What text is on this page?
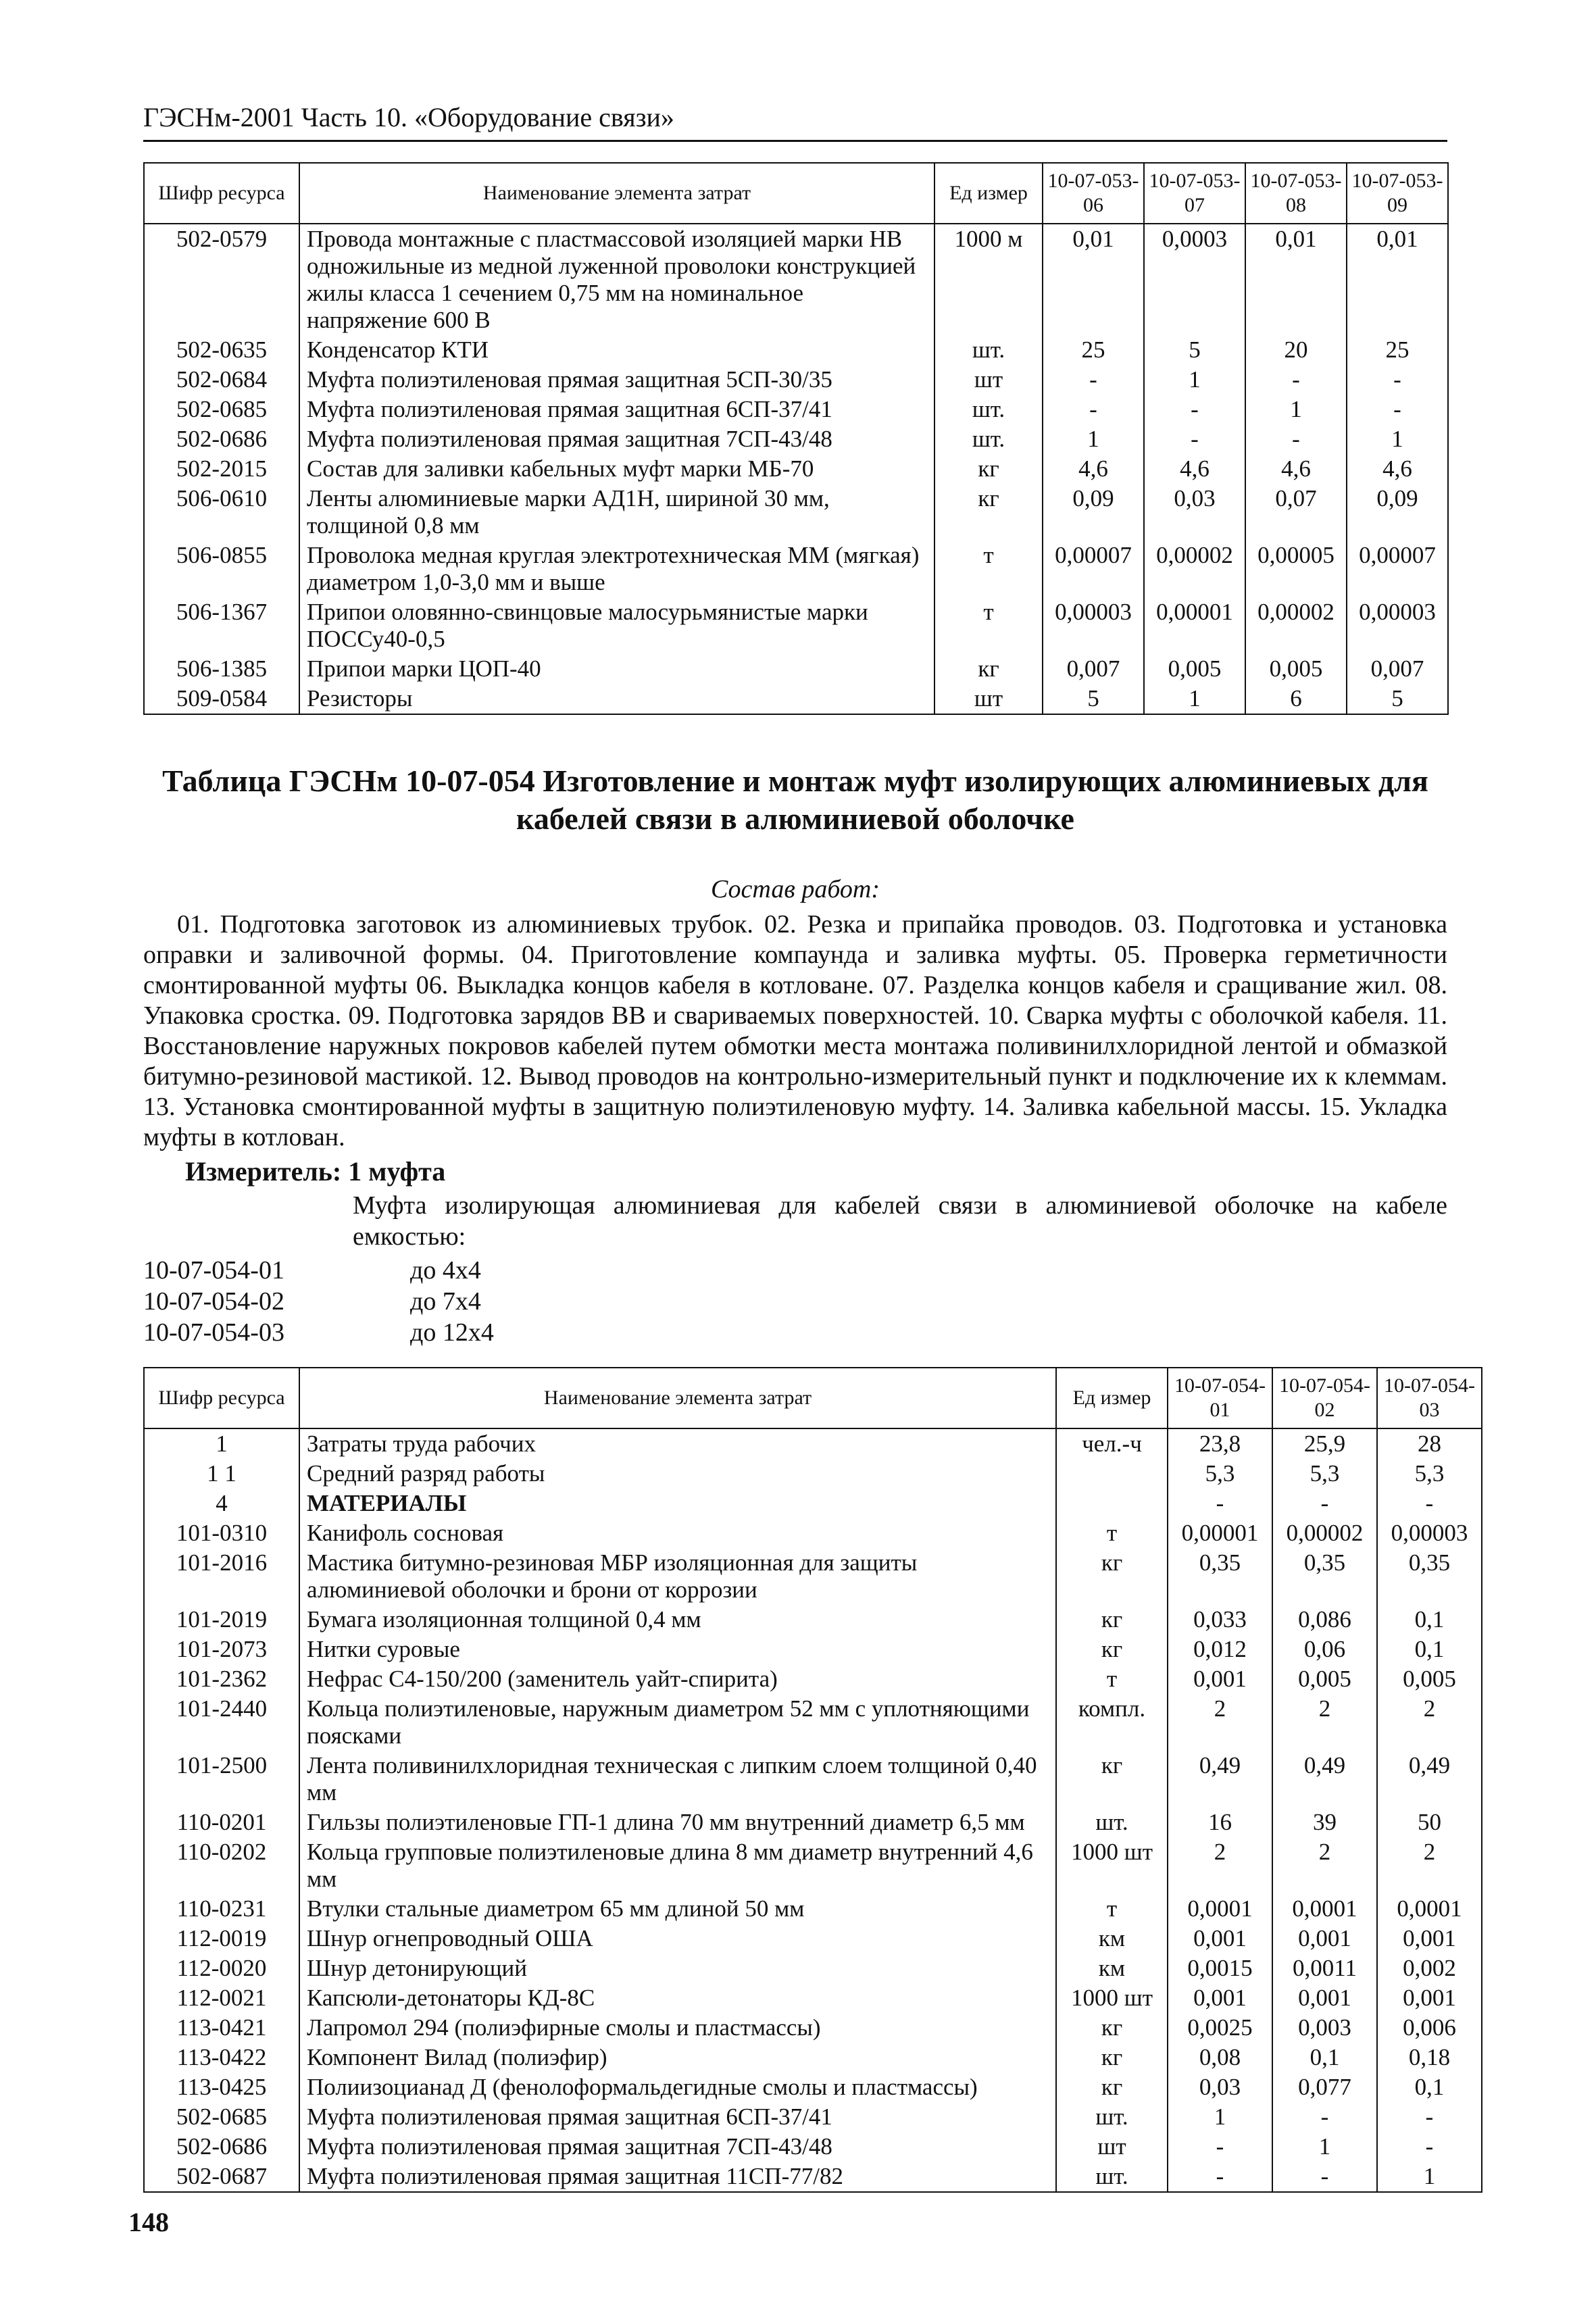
ГЭСНм-2001 Часть 10. «Оборудование связи»
Шифр ресурса	Наименование элемента затрат	Ед измер	10-07-053-06	10-07-053-07	10-07-053-08	10-07-053-09
502-0579	Провода монтажные с пластмассовой изоляцией марки НВ одножильные из медной луженной проволоки конструкцией жилы класса 1 сечением 0,75 мм на номинальное напряжение 600 В	1000 м	0,01	0,0003	0,01	0,01
502-0635	Конденсатор КТИ	шт.	25	5	20	25
502-0684	Муфта полиэтиленовая прямая защитная 5СП-30/35	шт	-	1	-	-
502-0685	Муфта полиэтиленовая прямая защитная 6СП-37/41	шт.	-	-	1	-
502-0686	Муфта полиэтиленовая прямая защитная 7СП-43/48	шт.	1	-	-	1
502-2015	Состав для заливки кабельных муфт марки МБ-70	кг	4,6	4,6	4,6	4,6
506-0610	Ленты алюминиевые марки АД1Н, шириной 30 мм, толщиной 0,8 мм	кг	0,09	0,03	0,07	0,09
506-0855	Проволока медная круглая электротехническая ММ (мягкая) диаметром 1,0-3,0 мм и выше	т	0,00007	0,00002	0,00005	0,00007
506-1367	Припои оловянно-свинцовые малосурьмянистые марки ПОССу40-0,5	т	0,00003	0,00001	0,00002	0,00003
506-1385	Припои марки ЦОП-40	кг	0,007	0,005	0,005	0,007
509-0584	Резисторы	шт	5	1	6	5
Таблица ГЭСНм 10-07-054 Изготовление и монтаж муфт изолирующих алюминиевых для кабелей связи в алюминиевой оболочке
Состав работ:
01. Подготовка заготовок из алюминиевых трубок. 02. Резка и припайка проводов. 03. Подготовка и установка оправки и заливочной формы. 04. Приготовление компаунда и заливка муфты. 05. Проверка герметичности смонтированной муфты 06. Выкладка концов кабеля в котловане. 07. Разделка концов кабеля и сращивание жил. 08. Упаковка сростка. 09. Подготовка зарядов ВВ и свариваемых поверхностей. 10. Сварка муфты с оболочкой кабеля. 11. Восстановление наружных покровов кабелей путем обмотки места монтажа поливинилхлоридной лентой и обмазкой битумно-резиновой мастикой. 12. Вывод проводов на контрольно-измерительный пункт и подключение их к клеммам. 13. Установка смонтированной муфты в защитную полиэтиленовую муфту. 14. Заливка кабельной массы. 15. Укладка муфты в котлован.
Измеритель: 1 муфта
Муфта изолирующая алюминиевая для кабелей связи в алюминиевой оболочке на кабеле емкостью:
10-07-054-01	до 4х4
10-07-054-02	до 7х4
10-07-054-03	до 12х4
Шифр ресурса	Наименование элемента затрат	Ед измер	10-07-054-01	10-07-054-02	10-07-054-03
1	Затраты труда рабочих	чел.-ч	23,8	25,9	28
1 1	Средний разряд работы		5,3	5,3	5,3
4	МАТЕРИАЛЫ		-	-	-
101-0310	Канифоль сосновая	т	0,00001	0,00002	0,00003
101-2016	Мастика битумно-резиновая МБР изоляционная для защиты алюминиевой оболочки и брони от коррозии	кг	0,35	0,35	0,35
101-2019	Бумага изоляционная толщиной 0,4 мм	кг	0,033	0,086	0,1
101-2073	Нитки суровые	кг	0,012	0,06	0,1
101-2362	Нефрас С4-150/200 (заменитель уайт-спирита)	т	0,001	0,005	0,005
101-2440	Кольца полиэтиленовые, наружным диаметром 52 мм с уплотняющими поясками	компл.	2	2	2
101-2500	Лента поливинилхлоридная техническая с липким слоем толщиной 0,40 мм	кг	0,49	0,49	0,49
110-0201	Гильзы полиэтиленовые ГП-1 длина 70 мм внутренний диаметр 6,5 мм	шт.	16	39	50
110-0202	Кольца групповые полиэтиленовые длина 8 мм диаметр внутренний 4,6 мм	1000 шт	2	2	2
110-0231	Втулки стальные диаметром 65 мм длиной 50 мм	т	0,0001	0,0001	0,0001
112-0019	Шнур огнепроводный ОША	км	0,001	0,001	0,001
112-0020	Шнур детонирующий	км	0,0015	0,0011	0,002
112-0021	Капсюли-детонаторы КД-8С	1000 шт	0,001	0,001	0,001
113-0421	Лапромол 294 (полиэфирные смолы и пластмассы)	кг	0,0025	0,003	0,006
113-0422	Компонент Вилад (полиэфир)	кг	0,08	0,1	0,18
113-0425	Полиизоцианад Д (фенолоформальдегидные смолы и пластмассы)	кг	0,03	0,077	0,1
502-0685	Муфта полиэтиленовая прямая защитная 6СП-37/41	шт.	1	-	-
502-0686	Муфта полиэтиленовая прямая защитная 7СП-43/48	шт	-	1	-
502-0687	Муфта полиэтиленовая прямая защитная 11СП-77/82	шт.	-	-	1
148
